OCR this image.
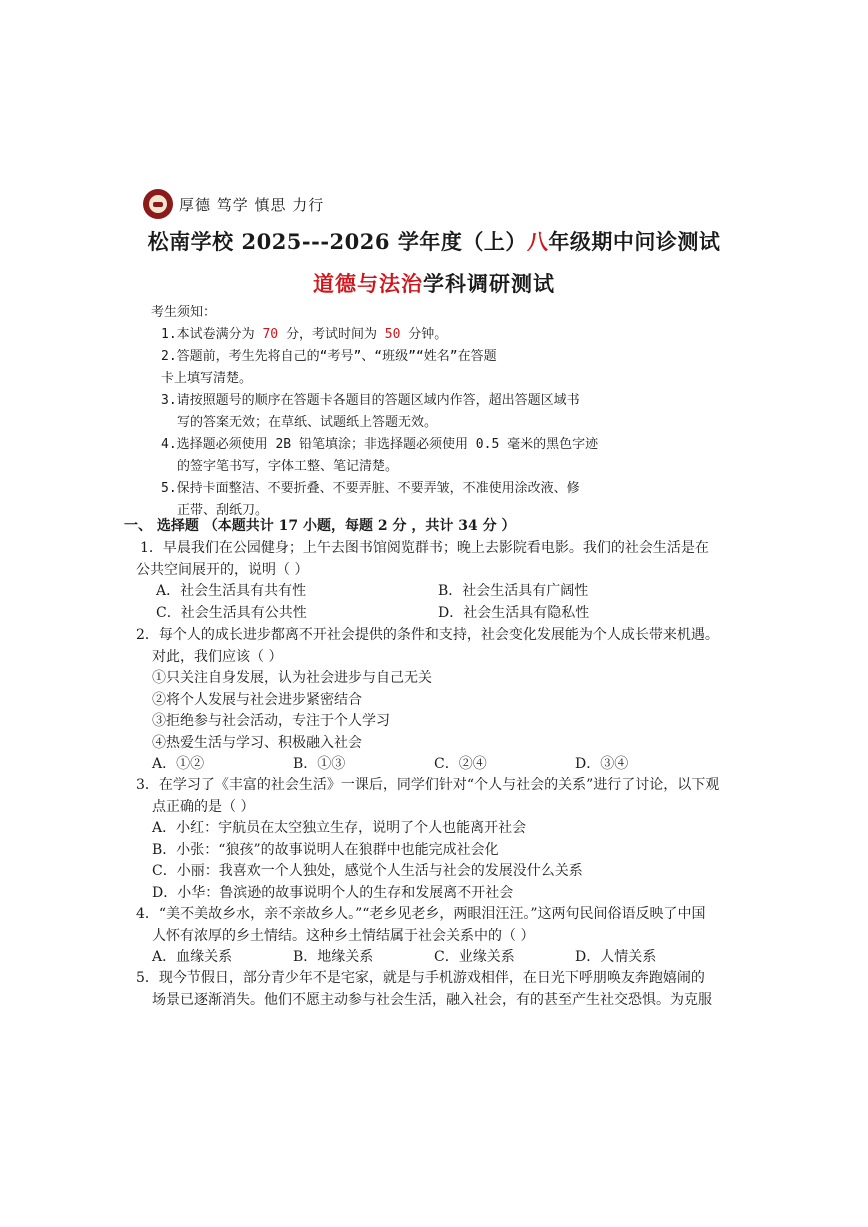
厚德 笃学 慎思 力行
松南学校 2025---2026 学年度（上）八年级期中问诊测试
道德与法治学科调研测试
考生须知：
1.本试卷满分为 70 分，考试时间为 50 分钟。
2.答题前，考生先将自己的“考号”、“班级”“姓名”在答题
卡上填写清楚。
3.请按照题号的顺序在答题卡各题目的答题区域内作答，超出答题区域书
写的答案无效；在草纸、试题纸上答题无效。
4.选择题必须使用 2B 铅笔填涂；非选择题必须使用 0.5 毫米的黑色字迹
的签字笔书写，字体工整、笔记清楚。
5.保持卡面整洁、不要折叠、不要弄脏、不要弄皱，不准使用涂改液、修
正带、刮纸刀。
一、 选择题 （本题共计 17 小题，每题 2 分 ，共计 34 分 ）
1．早晨我们在公园健身；上午去图书馆阅览群书；晚上去影院看电影。我们的社会生活是在
公共空间展开的，说明（ ）
A．社会生活具有共有性	B．社会生活具有广阔性
C．社会生活具有公共性	D．社会生活具有隐私性
2．每个人的成长进步都离不开社会提供的条件和支持，社会变化发展能为个人成长带来机遇。
对此，我们应该（ ）
①只关注自身发展，认为社会进步与自己无关
②将个人发展与社会进步紧密结合
③拒绝参与社会活动，专注于个人学习
④热爱生活与学习、积极融入社会
A．①②	B．①③	C．②④	D．③④
3．在学习了《丰富的社会生活》一课后，同学们针对“个人与社会的关系”进行了讨论，以下观
点正确的是（ ）
A．小红：宇航员在太空独立生存，说明了个人也能离开社会
B．小张：“狼孩”的故事说明人在狼群中也能完成社会化
C．小丽：我喜欢一个人独处，感觉个人生活与社会的发展没什么关系
D．小华：鲁滨逊的故事说明个人的生存和发展离不开社会
4．“美不美故乡水，亲不亲故乡人。”“老乡见老乡，两眼泪汪汪。”这两句民间俗语反映了中国
人怀有浓厚的乡土情结。这种乡土情结属于社会关系中的（ ）
A．血缘关系	B．地缘关系	C．业缘关系	D．人情关系
5．现今节假日，部分青少年不是宅家，就是与手机游戏相伴，在日光下呼朋唤友奔跑嬉闹的
场景已逐渐消失。他们不愿主动参与社会生活，融入社会，有的甚至产生社交恐惧。为克服
